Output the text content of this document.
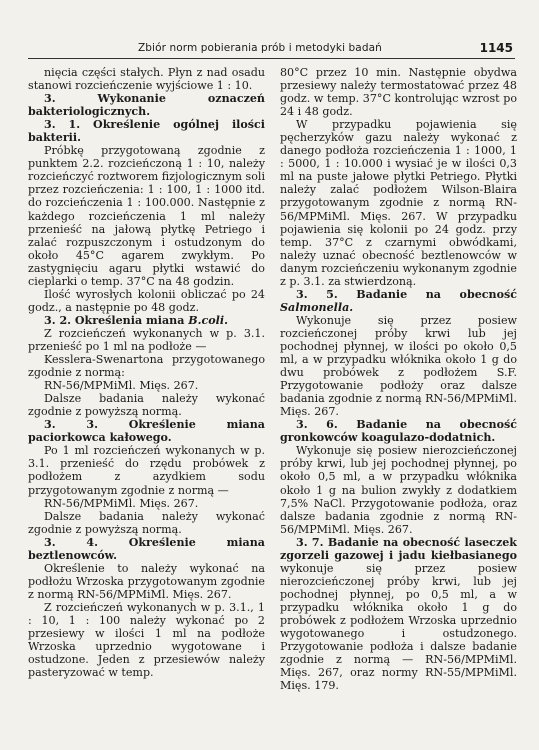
Zbiór norm pobierania prób i metodyki badań	1145

nięcia części stałych. Płyn z nad osadu stanowi rozcieńczenie wyjściowe 1 : 10.

3. Wykonanie oznaczeń bakteriologicznych.

3. 1. Określenie ogólnej ilości bakterii.

Próbkę przygotowaną zgodnie z punktem 2.2. rozcieńczoną 1 : 10, należy rozcieńczyć roztworem fizjologicznym soli przez rozcieńczenia: 1 : 100, 1 : 1000 itd. do rozcieńczenia 1 : 100.000. Następnie z każdego rozcieńczenia 1 ml należy przenieść na jałową płytkę Petriego i zalać rozpuszczonym i ostudzonym do około 45°C agarem zwykłym. Po zastygnięciu agaru płytki wstawić do cieplarki o temp. 37°C na 48 godzin.

Ilość wyrosłych kolonii obliczać po 24 godz., a następnie po 48 godz.

3. 2. Określenia miana B.coli.

Z rozcieńczeń wykonanych w p. 3.1. przenieść po 1 ml na podłoże —

Kesslera-Swenartona przygotowanego zgodnie z normą:

RN-56/MPMiMl. Mięs. 267.

Dalsze badania należy wykonać zgodnie z powyższą normą.

3. 3. Określenie miana paciorkowca kałowego.

Po 1 ml rozcieńczeń wykonanych w p. 3.1. przenieść do rzędu probówek z podłożem z azydkiem sodu przygotowanym zgodnie z normą —

RN-56/MPMiMl. Mięs. 267.

Dalsze badania należy wykonać zgodnie z powyższą normą.

3. 4. Określenie miana beztlenowców.

Określenie to należy wykonać na podłożu Wrzoska przygotowanym zgodnie z normą RN-56/MPMiMl. Mięs. 267.

Z rozcieńczeń wykonanych w p. 3.1., 1 : 10, 1 : 100 należy wykonać po 2 przesiewy w ilości 1 ml na podłoże Wrzoska uprzednio wygotowane i ostudzone. Jeden z przesiewów należy pasteryzować w temp.

80°C przez 10 min. Następnie obydwa przesiewy należy termostatować przez 48 godz. w temp. 37°C kontrolując wzrost po 24 i 48 godz.

W przypadku pojawienia się pęcherzyków gazu należy wykonać z danego podłoża rozcieńczenia 1 : 1000, 1 : 5000, 1 : 10.000 i wysiać je w ilości 0,3 ml na puste jałowe płytki Petriego. Płytki należy zalać podłożem Wilson-Blaira przygotowanym zgodnie z normą RN-56/MPMiMl. Mięs. 267. W przypadku pojawienia się kolonii po 24 godz. przy temp. 37°C z czarnymi obwódkami, należy uznać obecność beztlenowców w danym rozcieńczeniu wykonanym zgodnie z p. 3.1. za stwierdzoną.

3. 5. Badanie na obecność Salmonella.

Wykonuje się przez posiew rozcieńczonej próby krwi lub jej pochodnej płynnej, w ilości po około 0,5 ml, a w przypadku włóknika około 1 g do dwu probówek z podłożem S.F. Przygotowanie podłoży oraz dalsze badania zgodnie z normą RN-56/MPMiMl. Mięs. 267.

3. 6. Badanie na obecność gronkowców koagulazo-dodatnich.

Wykonuje się posiew nierozcieńczonej próby krwi, lub jej pochodnej płynnej, po około 0,5 ml, a w przypadku włóknika około 1 g na bulion zwykły z dodatkiem 7,5% NaCl. Przygotowanie podłoża, oraz dalsze badania zgodnie z normą RN-56/MPMiMl. Mięs. 267.

3. 7. Badanie na obecność laseczek zgorzeli gazowej i jadu kiełbasianego wykonuje się przez posiew nierozcieńczonej próby krwi, lub jej pochodnej płynnej, po 0,5 ml, a w przypadku włóknika około 1 g do probówek z podłożem Wrzoska uprzednio wygotowanego i ostudzonego. Przygotowanie podłoża i dalsze badanie zgodnie z normą — RN-56/MPMiMl. Mięs. 267, oraz normy RN-55/MPMiMl. Mięs. 179.
